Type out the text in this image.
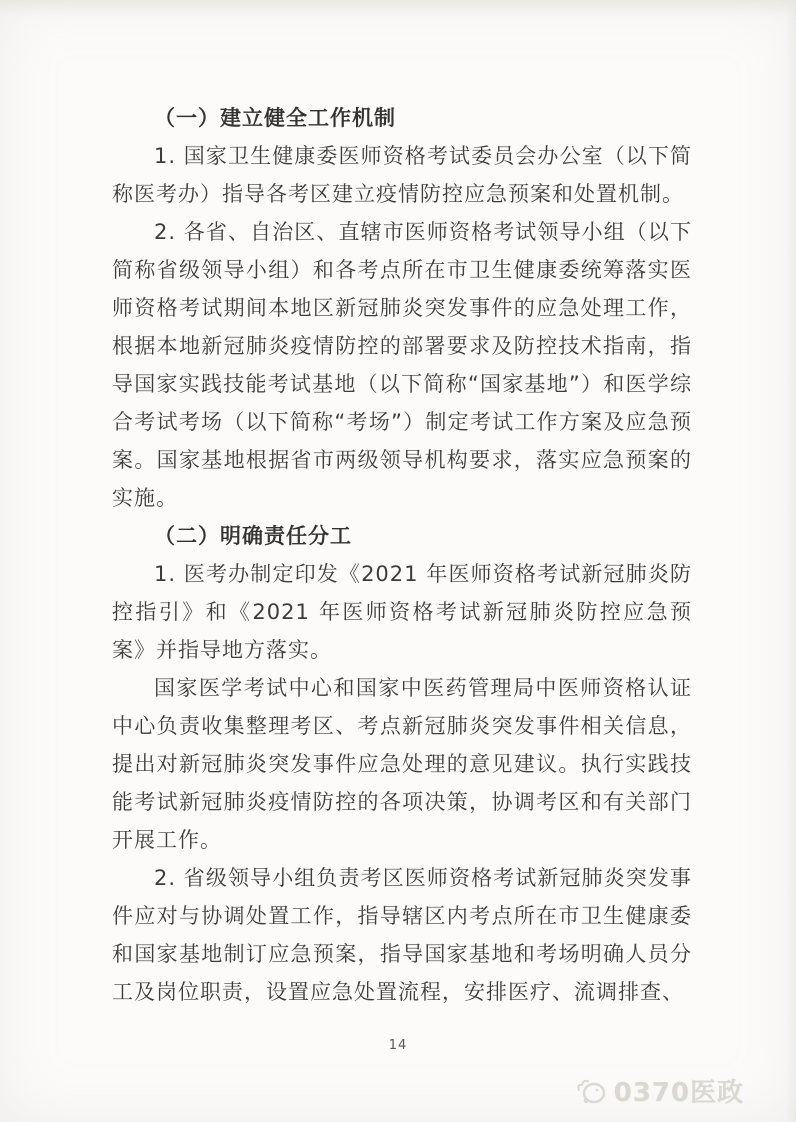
（一）建立健全工作机制

1. 国家卫生健康委医师资格考试委员会办公室（以下简称医考办）指导各考区建立疫情防控应急预案和处置机制。

2. 各省、自治区、直辖市医师资格考试领导小组（以下简称省级领导小组）和各考点所在市卫生健康委统筹落实医师资格考试期间本地区新冠肺炎突发事件的应急处理工作，根据本地新冠肺炎疫情防控的部署要求及防控技术指南，指导国家实践技能考试基地（以下简称“国家基地”）和医学综合考试考场（以下简称“考场”）制定考试工作方案及应急预案。国家基地根据省市两级领导机构要求，落实应急预案的实施。

（二）明确责任分工

1. 医考办制定印发《2021 年医师资格考试新冠肺炎防控指引》和《2021 年医师资格考试新冠肺炎防控应急预案》并指导地方落实。

国家医学考试中心和国家中医药管理局中医师资格认证中心负责收集整理考区、考点新冠肺炎突发事件相关信息，提出对新冠肺炎突发事件应急处理的意见建议。执行实践技能考试新冠肺炎疫情防控的各项决策，协调考区和有关部门开展工作。

2. 省级领导小组负责考区医师资格考试新冠肺炎突发事件应对与协调处置工作，指导辖区内考点所在市卫生健康委和国家基地制订应急预案，指导国家基地和考场明确人员分工及岗位职责，设置应急处置流程，安排医疗、流调排查、

14
0370医政
